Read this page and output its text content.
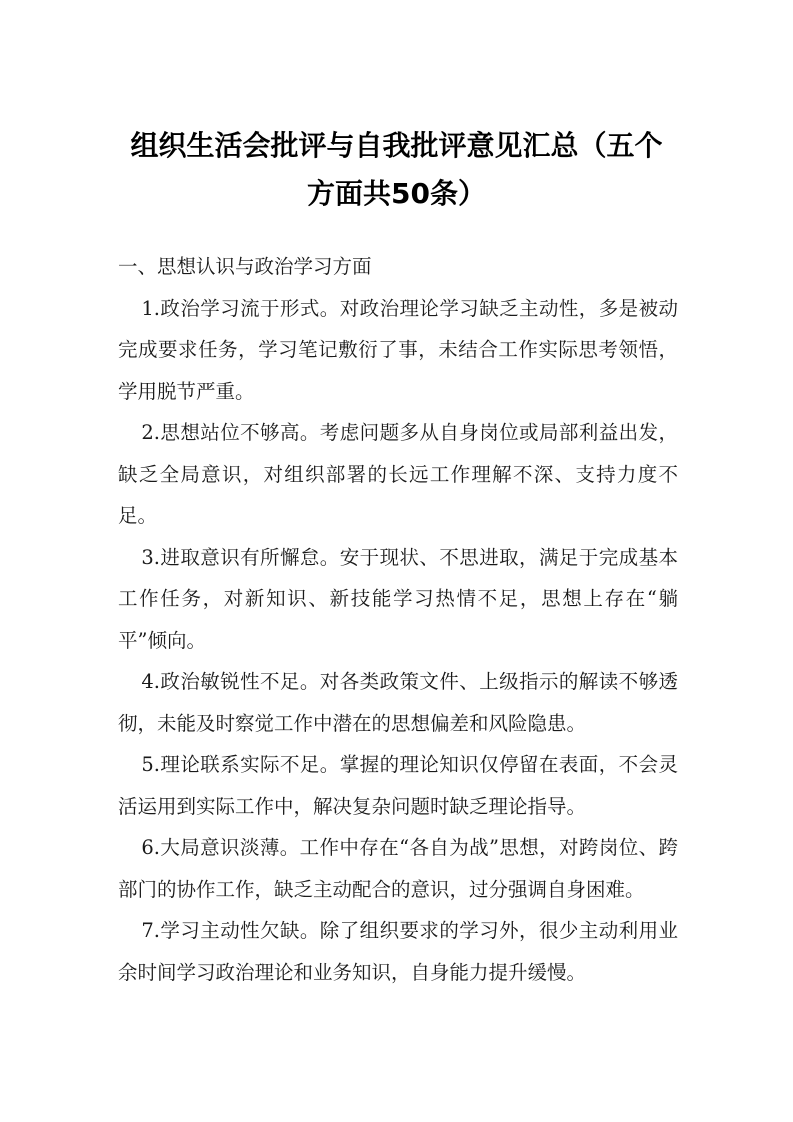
组织生活会批评与自我批评意见汇总（五个
方面共50条）

一、思想认识与政治学习方面

1.政治学习流于形式。对政治理论学习缺乏主动性，多是被动完成要求任务，学习笔记敷衍了事，未结合工作实际思考领悟，学用脱节严重。

2.思想站位不够高。考虑问题多从自身岗位或局部利益出发，缺乏全局意识，对组织部署的长远工作理解不深、支持力度不足。

3.进取意识有所懈怠。安于现状、不思进取，满足于完成基本工作任务，对新知识、新技能学习热情不足，思想上存在“躺平”倾向。

4.政治敏锐性不足。对各类政策文件、上级指示的解读不够透彻，未能及时察觉工作中潜在的思想偏差和风险隐患。

5.理论联系实际不足。掌握的理论知识仅停留在表面，不会灵活运用到实际工作中，解决复杂问题时缺乏理论指导。

6.大局意识淡薄。工作中存在“各自为战”思想，对跨岗位、跨部门的协作工作，缺乏主动配合的意识，过分强调自身困难。

7.学习主动性欠缺。除了组织要求的学习外，很少主动利用业余时间学习政治理论和业务知识，自身能力提升缓慢。
